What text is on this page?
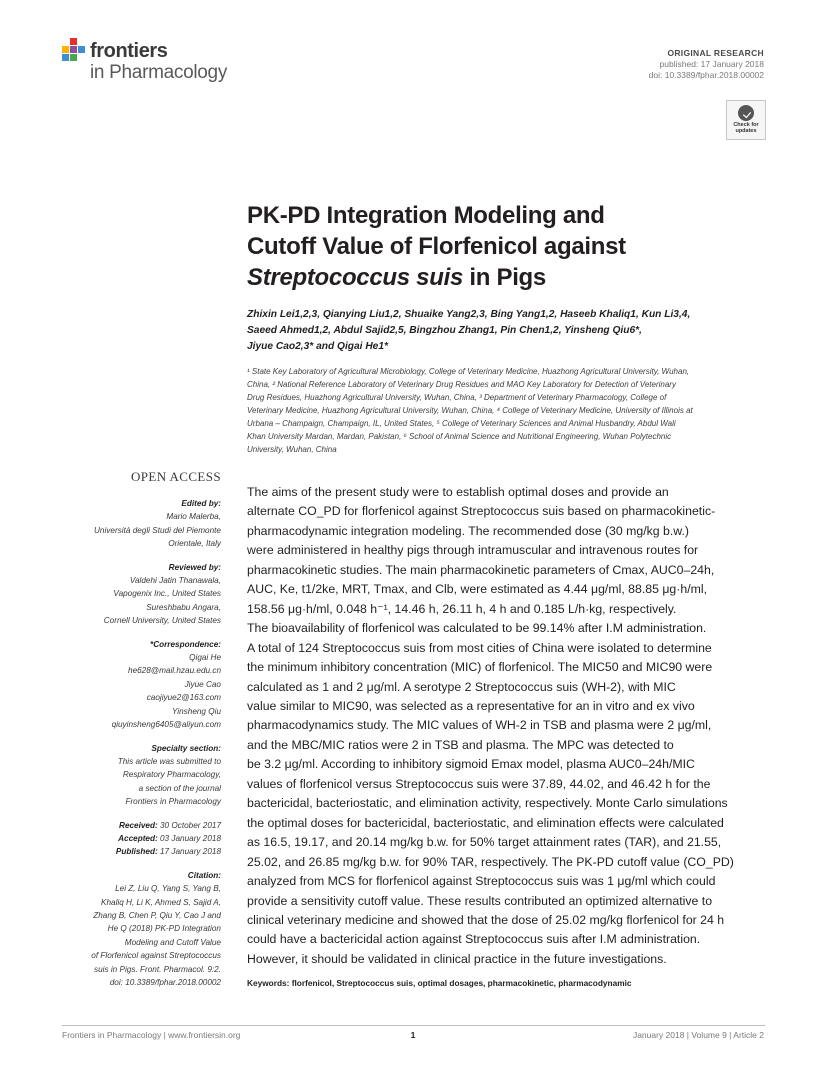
frontiers
in Pharmacology
ORIGINAL RESEARCH
published: 17 January 2018
doi: 10.3389/fphar.2018.00002
Check for
updates
PK-PD Integration Modeling and
Cutoff Value of Florfenicol against
Streptococcus suis in Pigs
Zhixin Lei1,2,3, Qianying Liu1,2, Shuaike Yang2,3, Bing Yang1,2, Haseeb Khaliq1, Kun Li3,4,
Saeed Ahmed1,2, Abdul Sajid2,5, Bingzhou Zhang1, Pin Chen1,2, Yinsheng Qiu6*,
Jiyue Cao2,3* and Qigai He1*
¹ State Key Laboratory of Agricultural Microbiology, College of Veterinary Medicine, Huazhong Agricultural University, Wuhan,
China, ² National Reference Laboratory of Veterinary Drug Residues and MAO Key Laboratory for Detection of Veterinary
Drug Residues, Huazhong Agricultural University, Wuhan, China, ³ Department of Veterinary Pharmacology, College of
Veterinary Medicine, Huazhong Agricultural University, Wuhan, China, ⁴ College of Veterinary Medicine, University of Illinois at
Urbana – Champaign, Champaign, IL, United States, ⁵ College of Veterinary Sciences and Animal Husbandry, Abdul Wali
Khan University Mardan, Mardan, Pakistan, ⁶ School of Animal Science and Nutritional Engineering, Wuhan Polytechnic
University, Wuhan, China
OPEN ACCESS
Edited by:
Mario Malerba,
Università degli Studi del Piemonte
Orientale, Italy
Reviewed by:
Valdehi Jatin Thanawala,
Vapogenix Inc., United States
Sureshbabu Angara,
Cornell University, United States
*Correspondence:
Qigai He
he628@mail.hzau.edu.cn
Jiyue Cao
caojiyue2@163.com
Yinsheng Qiu
qiuyinsheng6405@aliyun.com
Specialty section:
This article was submitted to
Respiratory Pharmacology,
a section of the journal
Frontiers in Pharmacology
Received: 30 October 2017
Accepted: 03 January 2018
Published: 17 January 2018
Citation:
Lei Z, Liu Q, Yang S, Yang B,
Khaliq H, Li K, Ahmed S, Sajid A,
Zhang B, Chen P, Qiu Y, Cao J and
He Q (2018) PK-PD Integration
Modeling and Cutoff Value
of Florfenicol against Streptococcus
suis in Pigs. Front. Pharmacol. 9:2.
doi: 10.3389/fphar.2018.00002
The aims of the present study were to establish optimal doses and provide an
alternate CO_PD for florfenicol against Streptococcus suis based on pharmacokinetic-
pharmacodynamic integration modeling. The recommended dose (30 mg/kg b.w.)
were administered in healthy pigs through intramuscular and intravenous routes for
pharmacokinetic studies. The main pharmacokinetic parameters of Cmax, AUC0–24h,
AUC, Ke, t1/2ke, MRT, Tmax, and Clb, were estimated as 4.44 μg/ml, 88.85 μg·h/ml,
158.56 μg·h/ml, 0.048 h⁻¹, 14.46 h, 26.11 h, 4 h and 0.185 L/h·kg, respectively.
The bioavailability of florfenicol was calculated to be 99.14% after I.M administration.
A total of 124 Streptococcus suis from most cities of China were isolated to determine
the minimum inhibitory concentration (MIC) of florfenicol. The MIC50 and MIC90 were
calculated as 1 and 2 μg/ml. A serotype 2 Streptococcus suis (WH-2), with MIC
value similar to MIC90, was selected as a representative for an in vitro and ex vivo
pharmacodynamics study. The MIC values of WH-2 in TSB and plasma were 2 μg/ml,
and the MBC/MIC ratios were 2 in TSB and plasma. The MPC was detected to
be 3.2 μg/ml. According to inhibitory sigmoid Emax model, plasma AUC0–24h/MIC
values of florfenicol versus Streptococcus suis were 37.89, 44.02, and 46.42 h for the
bactericidal, bacteriostatic, and elimination activity, respectively. Monte Carlo simulations
the optimal doses for bactericidal, bacteriostatic, and elimination effects were calculated
as 16.5, 19.17, and 20.14 mg/kg b.w. for 50% target attainment rates (TAR), and 21.55,
25.02, and 26.85 mg/kg b.w. for 90% TAR, respectively. The PK-PD cutoff value (CO_PD)
analyzed from MCS for florfenicol against Streptococcus suis was 1 μg/ml which could
provide a sensitivity cutoff value. These results contributed an optimized alternative to
clinical veterinary medicine and showed that the dose of 25.02 mg/kg florfenicol for 24 h
could have a bactericidal action against Streptococcus suis after I.M administration.
However, it should be validated in clinical practice in the future investigations.
Keywords: florfenicol, Streptococcus suis, optimal dosages, pharmacokinetic, pharmacodynamic
Frontiers in Pharmacology | www.frontiersin.org	1	January 2018 | Volume 9 | Article 2
